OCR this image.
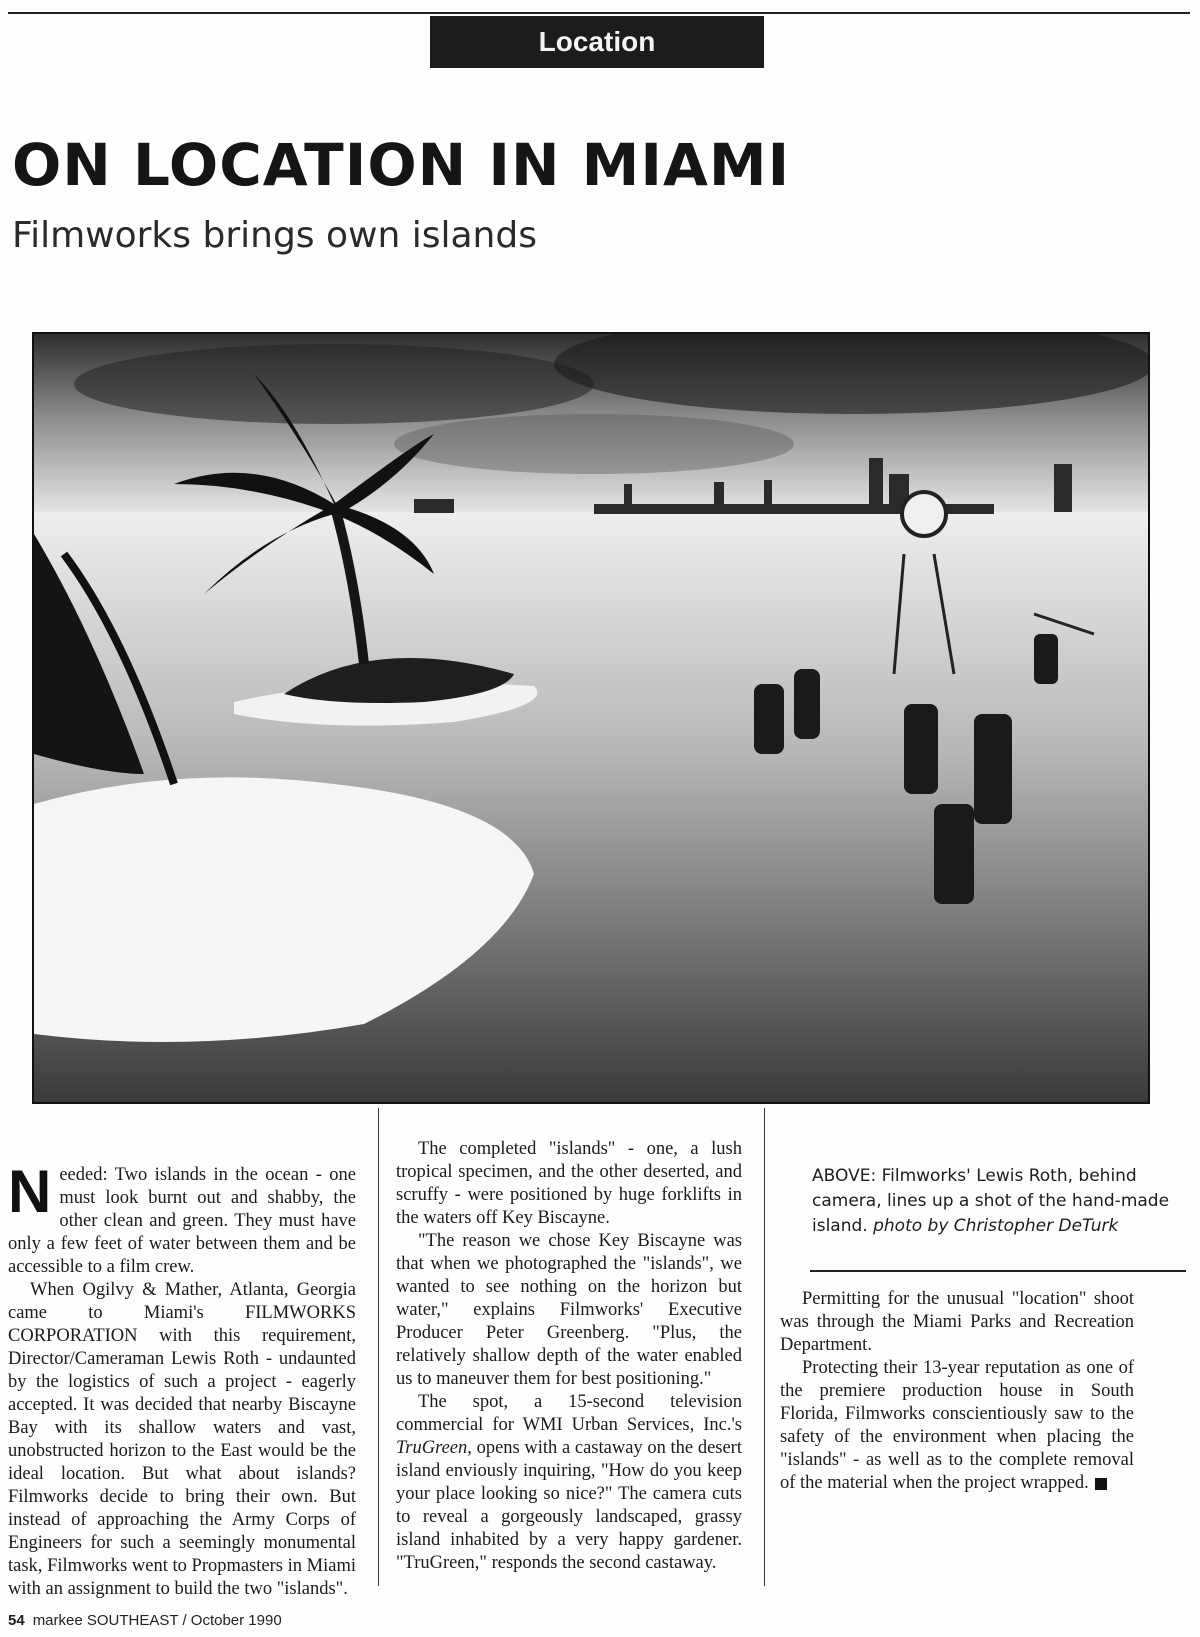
Location
ON LOCATION IN MIAMI
Filmworks brings own islands

Needed: Two islands in the ocean - one must look burnt out and shabby, the other clean and green. They must have only a few feet of water between them and be accessible to a film crew.

When Ogilvy & Mather, Atlanta, Georgia came to Miami's FILMWORKS CORPORATION with this requirement, Director/Cameraman Lewis Roth - undaunted by the logistics of such a project - eagerly accepted. It was decided that nearby Biscayne Bay with its shallow waters and vast, unobstructed horizon to the East would be the ideal location. But what about islands? Filmworks decide to bring their own. But instead of approaching the Army Corps of Engineers for such a seemingly monumental task, Filmworks went to Propmasters in Miami with an assignment to build the two "islands".

The completed "islands" - one, a lush tropical specimen, and the other deserted, and scruffy - were positioned by huge forklifts in the waters off Key Biscayne.

"The reason we chose Key Biscayne was that when we photographed the "islands", we wanted to see nothing on the horizon but water," explains Filmworks' Executive Producer Peter Greenberg. "Plus, the relatively shallow depth of the water enabled us to maneuver them for best positioning."

The spot, a 15-second television commercial for WMI Urban Services, Inc.'s TruGreen, opens with a castaway on the desert island enviously inquiring, "How do you keep your place looking so nice?" The camera cuts to reveal a gorgeously landscaped, grassy island inhabited by a very happy gardener. "TruGreen," responds the second castaway.

ABOVE: Filmworks' Lewis Roth, behind camera, lines up a shot of the hand-made island. photo by Christopher DeTurk

Permitting for the unusual "location" shoot was through the Miami Parks and Recreation Department.

Protecting their 13-year reputation as one of the premiere production house in South Florida, Filmworks conscientiously saw to the safety of the environment when placing the "islands" - as well as to the complete removal of the material when the project wrapped.

54 markee SOUTHEAST / October 1990
